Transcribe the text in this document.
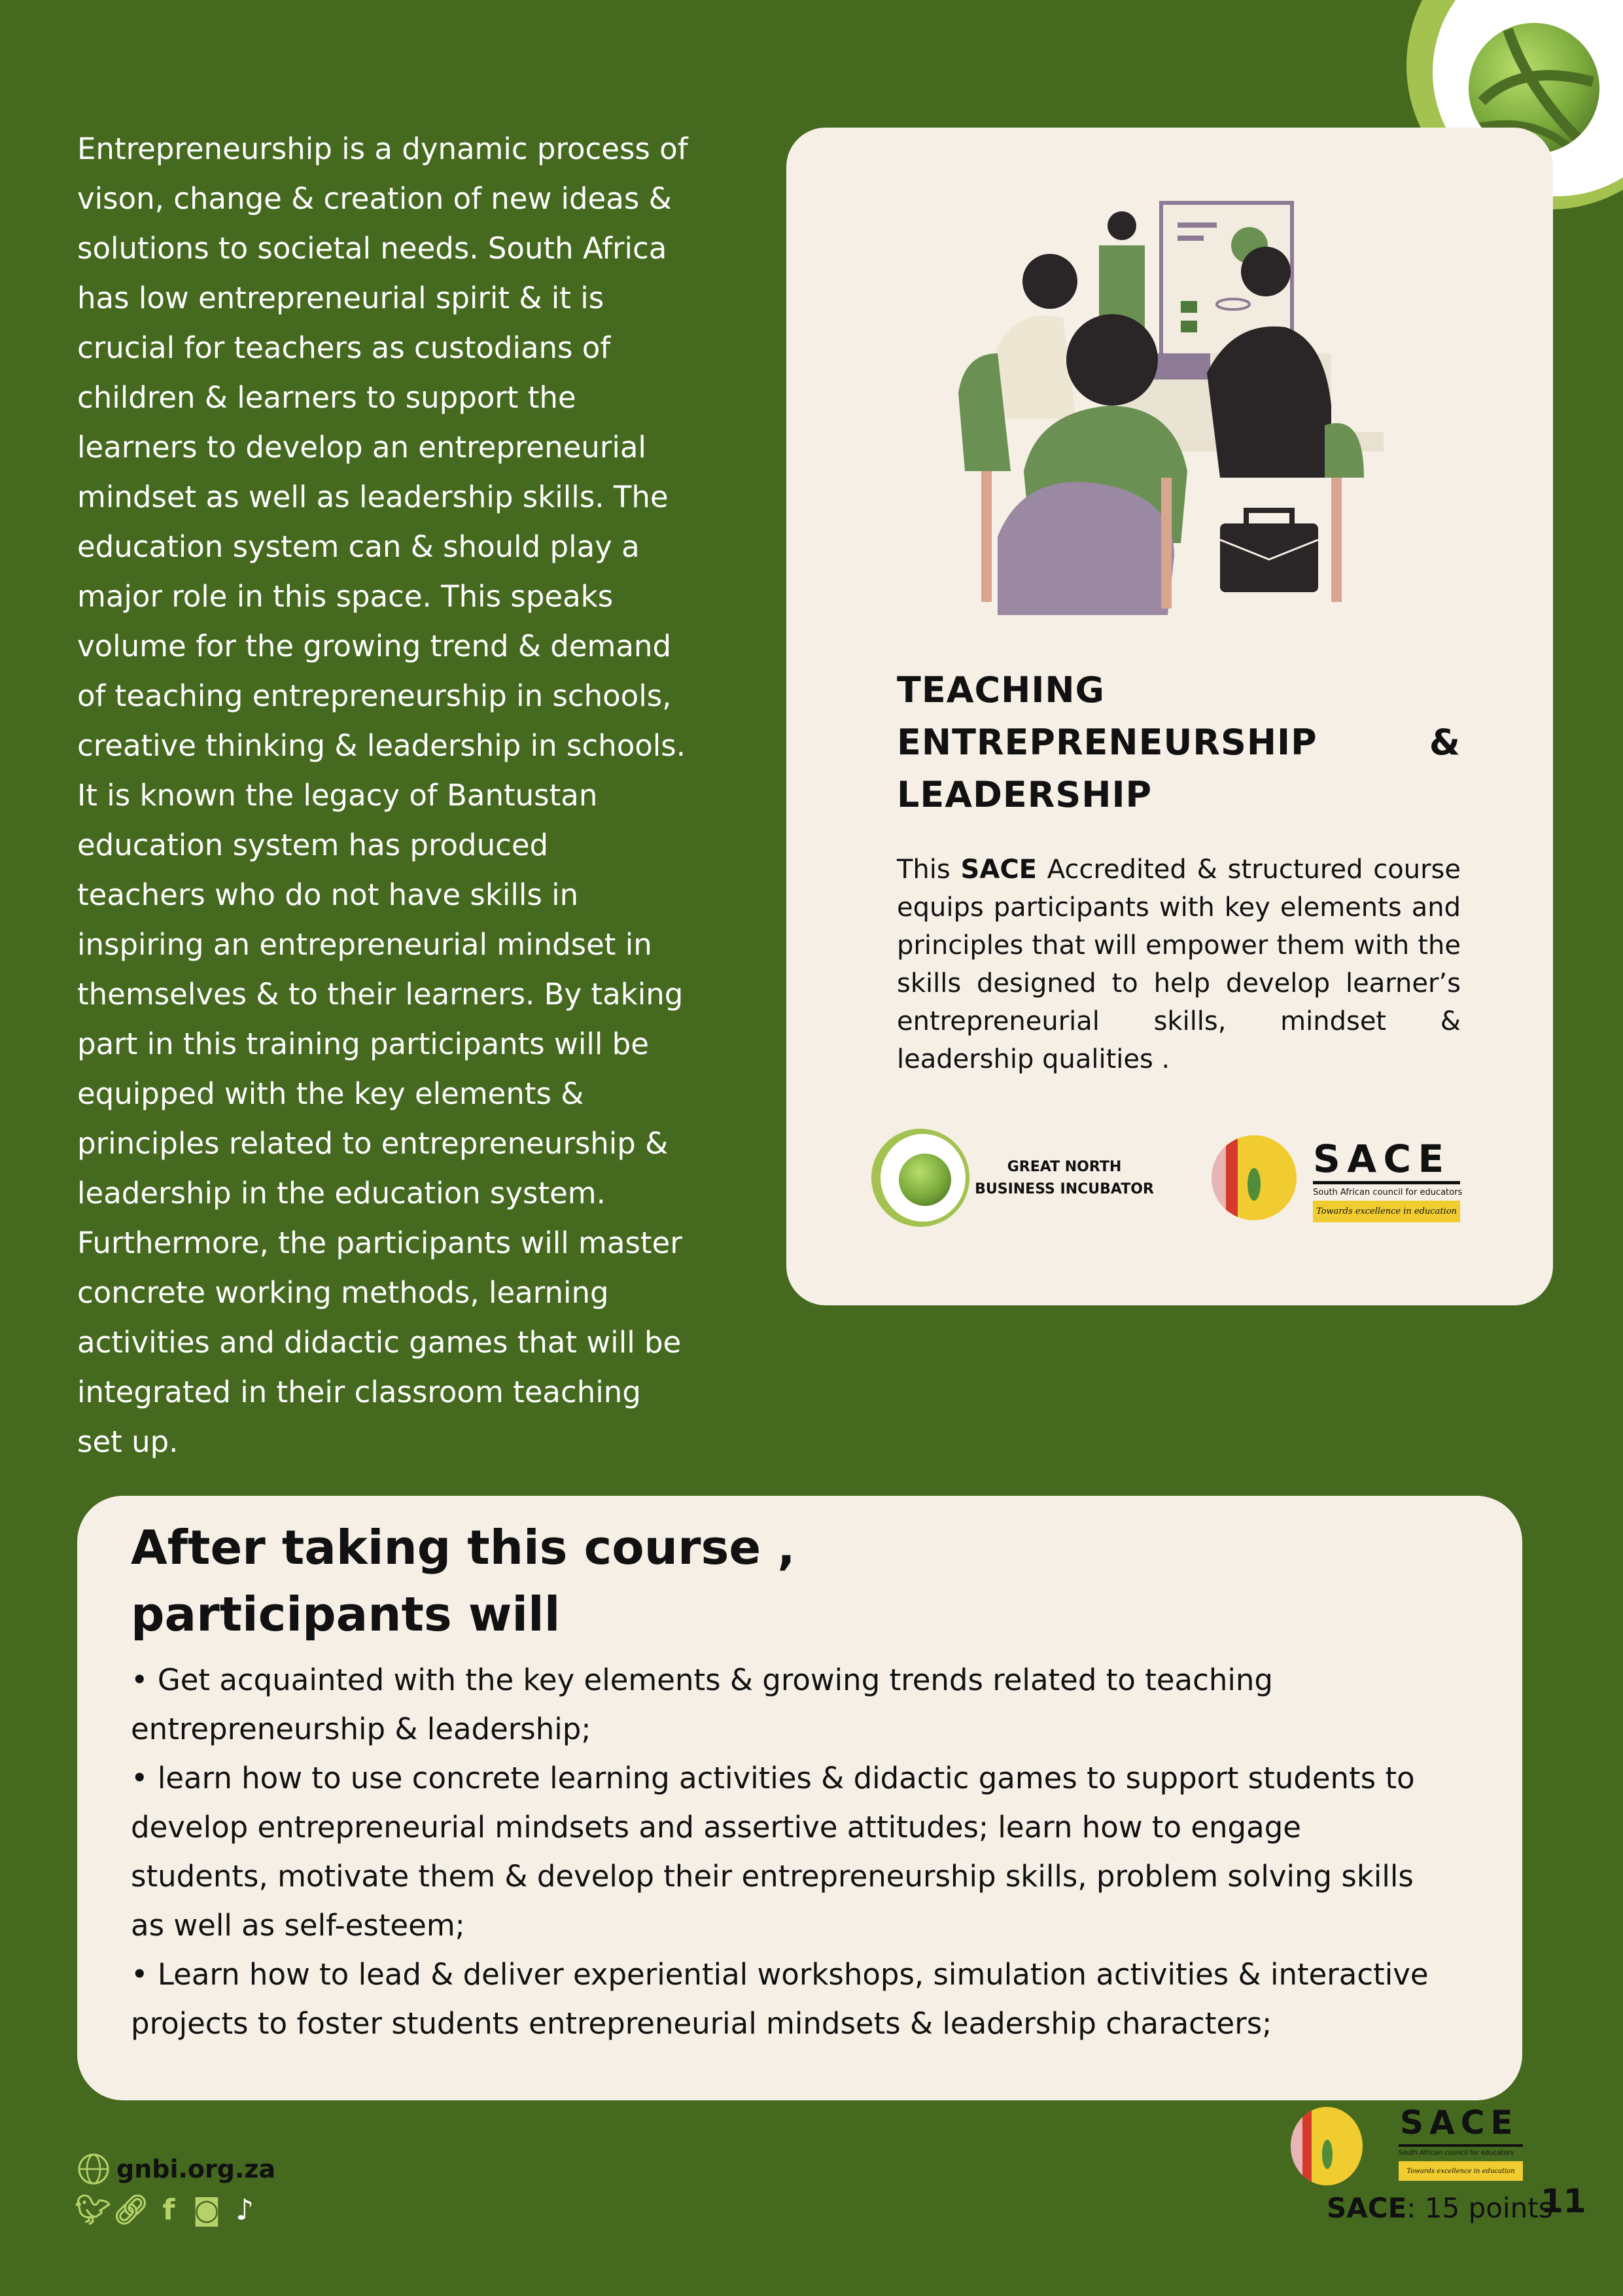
Entrepreneurship is a dynamic process of
vison, change & creation of new ideas &
solutions to societal needs. South Africa
has low entrepreneurial spirit & it is
crucial for teachers as custodians of
children & learners to support the
learners to develop an entrepreneurial
mindset as well as leadership skills. The
education system can & should play a
major role in this space. This speaks
volume for the growing trend & demand
of teaching entrepreneurship in schools,
creative thinking & leadership in schools.
It is known the legacy of Bantustan
education system has produced
teachers who do not have skills in
inspiring an entrepreneurial mindset in
themselves & to their learners. By taking
part in this training participants will be
equipped with the key elements &
principles related to entrepreneurship &
leadership in the education system.
Furthermore, the participants will master
concrete working methods, learning
activities and didactic games that will be
integrated in their classroom teaching
set up.
TEACHING
ENTREPRENEURSHIP	&
LEADERSHIP
This SACE Accredited & structured course equips participants with key elements and principles that will empower them with the skills designed to help develop learner’s entrepreneurial skills, mindset & leadership qualities .
GREAT NORTH
BUSINESS INCUBATOR
SACE
South African council for educators
Towards excellence in education
After taking this course ,
participants will
• Get acquainted with the key elements & growing trends related to teaching
entrepreneurship & leadership;
• learn how to use concrete learning activities & didactic games to support students to
develop entrepreneurial mindsets and assertive attitudes; learn how to engage
students, motivate them & develop their entrepreneurship skills, problem solving skills
as well as self-esteem;
• Learn how to lead & deliver experiential workshops, simulation activities & interactive
projects to foster students entrepreneurial mindsets & leadership characters;
gnbi.org.za
🐦︎ 🔗︎ f ◙ ♪
SACE
South African council for educators
Towards excellence in education
SACE: 15 points
11
